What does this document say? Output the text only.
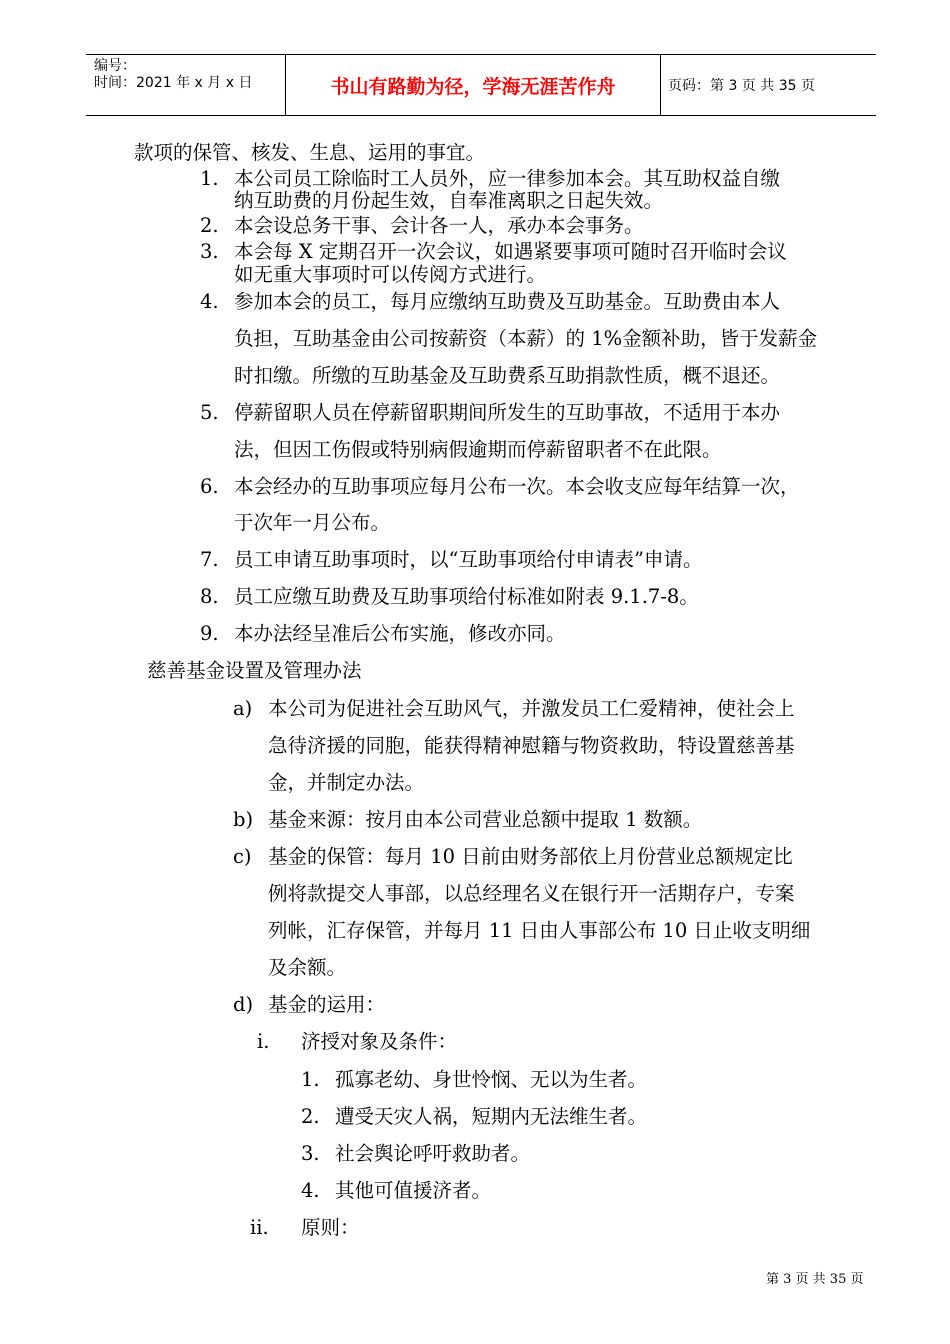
编号：
时间：2021 年 x 月 x 日	书山有路勤为径，学海无涯苦作舟	页码：第 3 页 共 35 页
款项的保管、核发、生息、运用的事宜。
1. 本公司员工除临时工人员外，应一律参加本会。其互助权益自缴
纳互助费的月份起生效，自奉准离职之日起失效。
2. 本会设总务干事、会计各一人，承办本会事务。
3. 本会每 X 定期召开一次会议，如遇紧要事项可随时召开临时会议
如无重大事项时可以传阅方式进行。
4. 参加本会的员工，每月应缴纳互助费及互助基金。互助费由本人
负担，互助基金由公司按薪资（本薪）的 1%金额补助，皆于发薪金
时扣缴。所缴的互助基金及互助费系互助捐款性质，概不退还。
5. 停薪留职人员在停薪留职期间所发生的互助事故，不适用于本办
法，但因工伤假或特别病假逾期而停薪留职者不在此限。
6. 本会经办的互助事项应每月公布一次。本会收支应每年结算一次，
于次年一月公布。
7. 员工申请互助事项时，以“互助事项给付申请表”申请。
8. 员工应缴互助费及互助事项给付标准如附表 9.1.7-8。
9. 本办法经呈准后公布实施，修改亦同。
慈善基金设置及管理办法
a) 本公司为促进社会互助风气，并激发员工仁爱精神，使社会上
急待济援的同胞，能获得精神慰籍与物资救助，特设置慈善基
金，并制定办法。
b) 基金来源：按月由本公司营业总额中提取 1 数额。
c) 基金的保管：每月 10 日前由财务部依上月份营业总额规定比
例将款提交人事部，以总经理名义在银行开一活期存户，专案
列帐，汇存保管，并每月 11 日由人事部公布 10 日止收支明细
及余额。
d) 基金的运用：
i. 济授对象及条件：
1. 孤寡老幼、身世怜悯、无以为生者。
2. 遭受天灾人祸，短期内无法维生者。
3. 社会舆论呼吁救助者。
4. 其他可值援济者。
ii. 原则：
第 3 页 共 35 页
